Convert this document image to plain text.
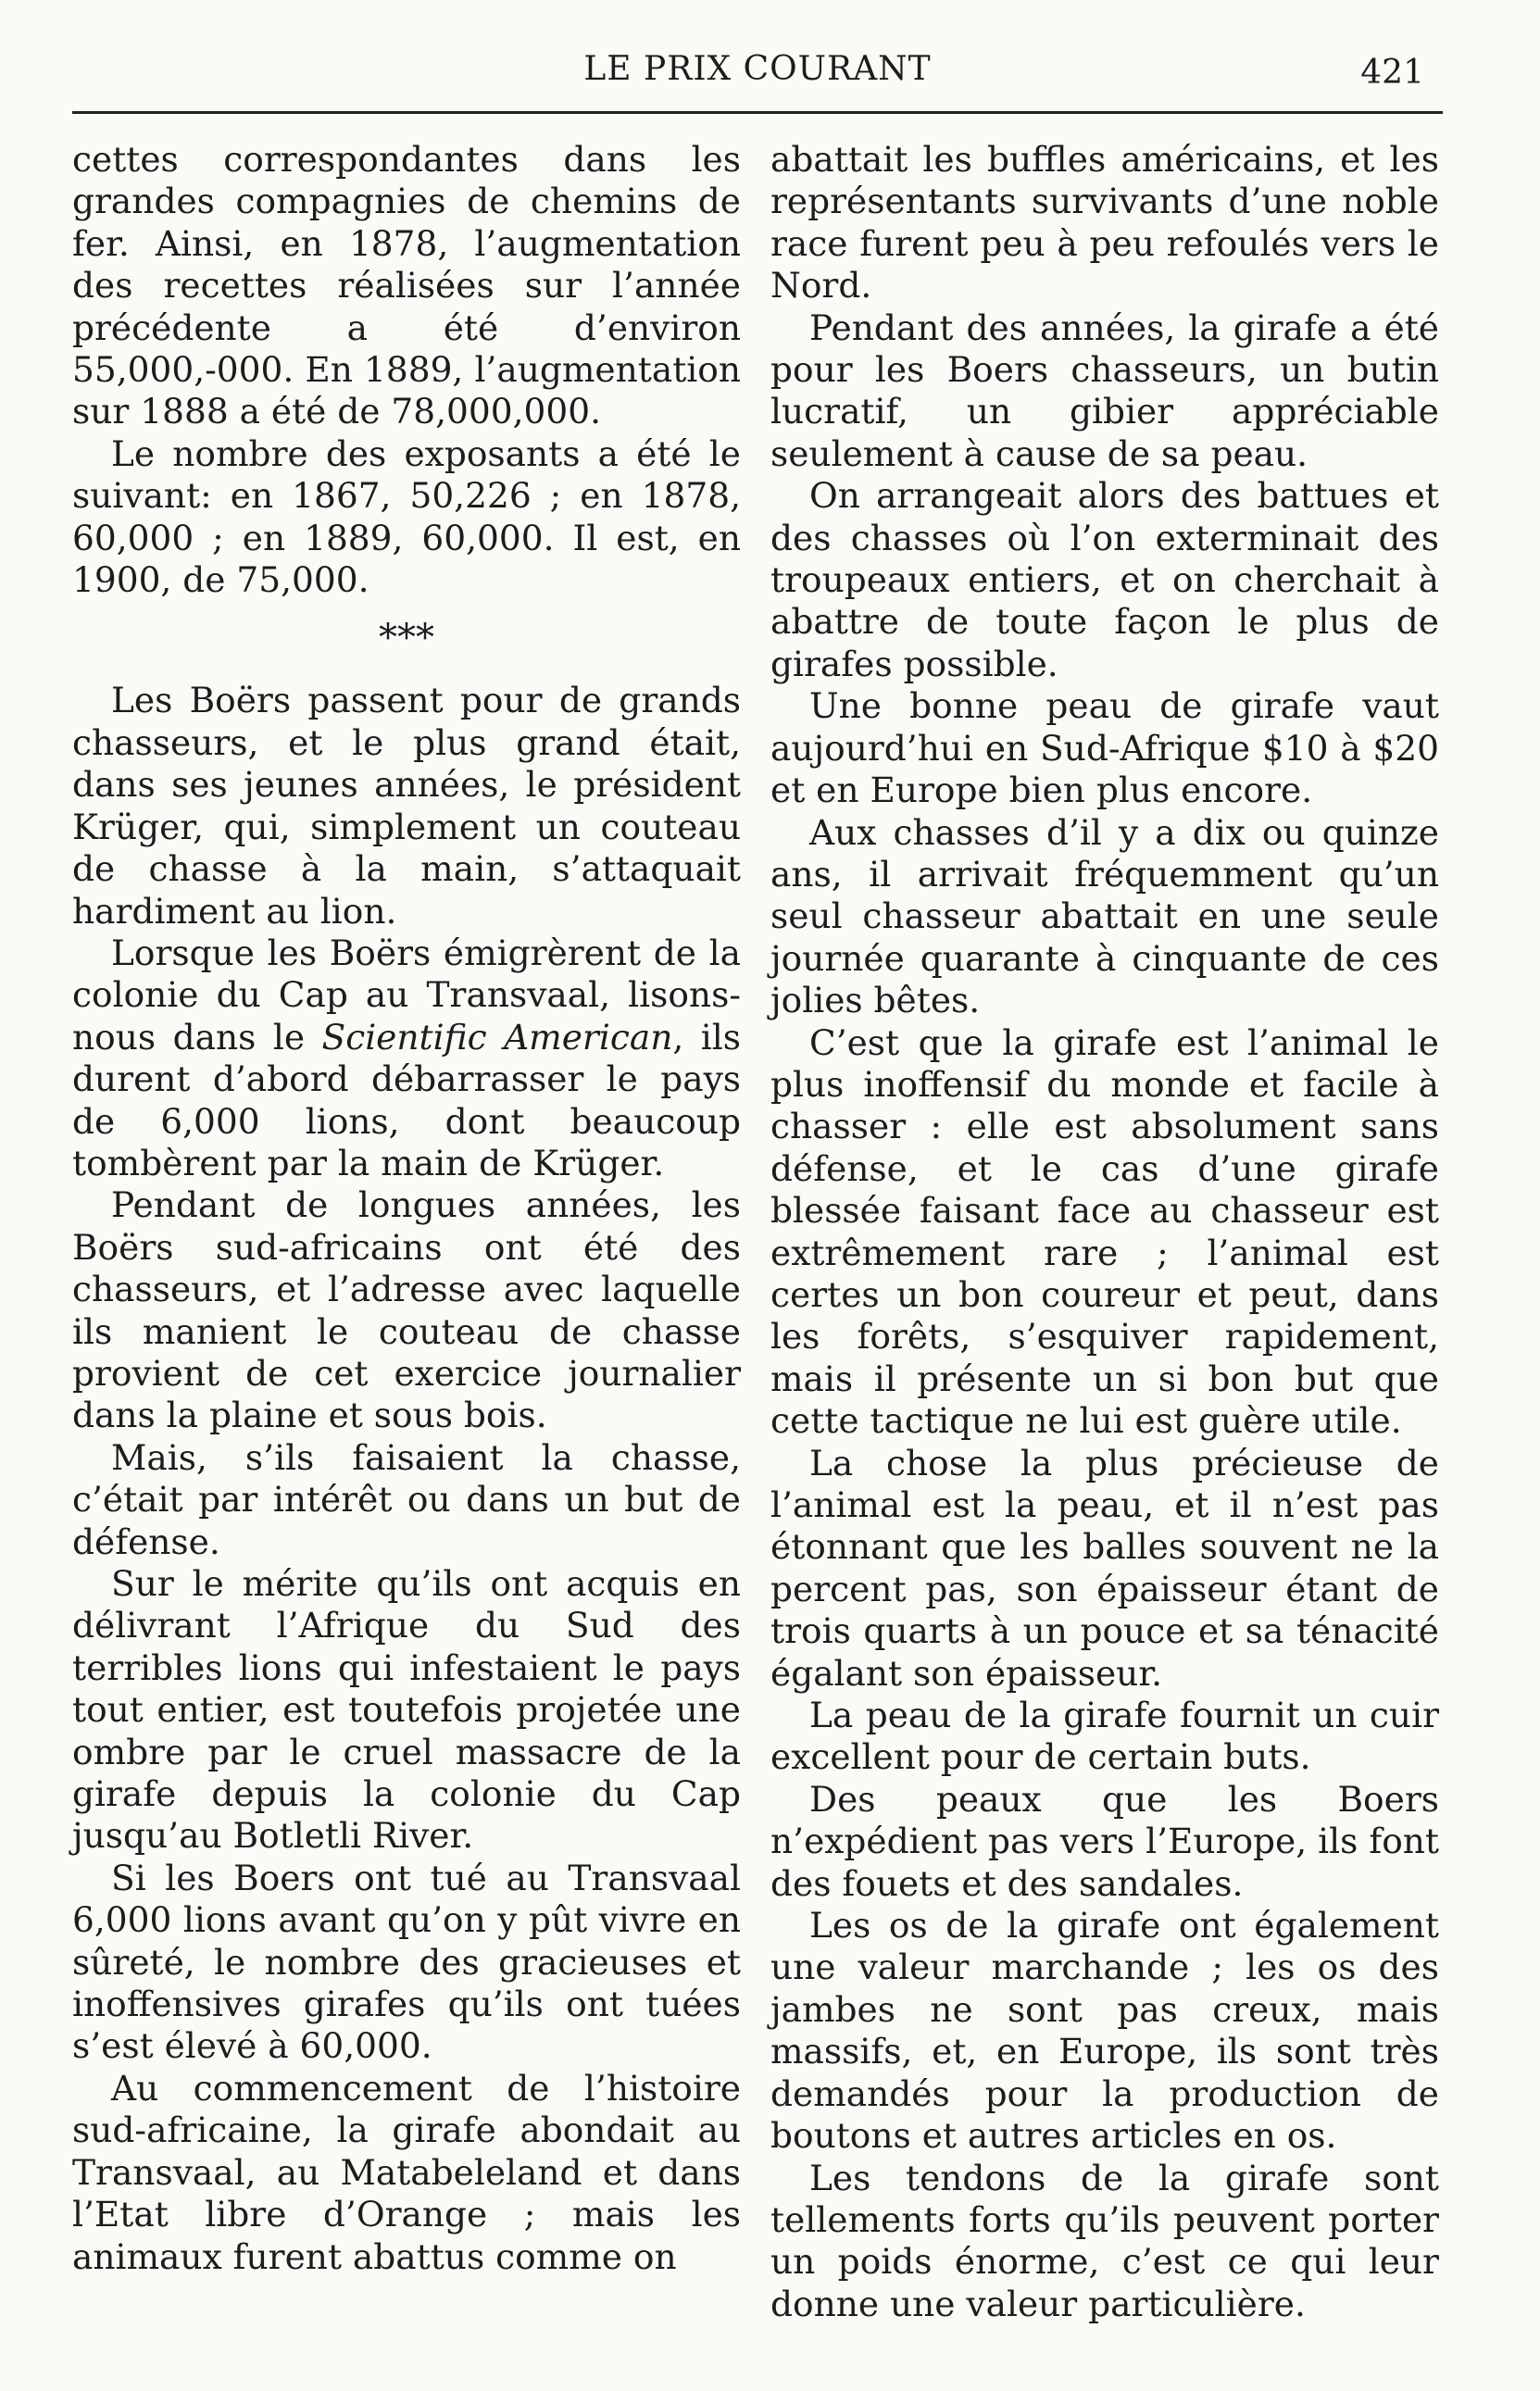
LE PRIX COURANT	421

cettes correspondantes dans les grandes compagnies de chemins de fer. Ainsi, en 1878, l’augmentation des recettes réalisées sur l’année précédente a été d’environ 55,000,-000. En 1889, l’augmentation sur 1888 a été de 78,000,000.

Le nombre des exposants a été le suivant: en 1867, 50,226 ; en 1878, 60,000 ; en 1889, 60,000. Il est, en 1900, de 75,000.

***

Les Boërs passent pour de grands chasseurs, et le plus grand était, dans ses jeunes années, le président Krüger, qui, simplement un couteau de chasse à la main, s’attaquait hardiment au lion.

Lorsque les Boërs émigrèrent de la colonie du Cap au Transvaal, lisons-nous dans le Scientific American, ils durent d’abord débarrasser le pays de 6,000 lions, dont beaucoup tombèrent par la main de Krüger.

Pendant de longues années, les Boërs sud-africains ont été des chasseurs, et l’adresse avec laquelle ils manient le couteau de chasse provient de cet exercice journalier dans la plaine et sous bois.

Mais, s’ils faisaient la chasse, c’était par intérêt ou dans un but de défense.

Sur le mérite qu’ils ont acquis en délivrant l’Afrique du Sud des terribles lions qui infestaient le pays tout entier, est toutefois projetée une ombre par le cruel massacre de la girafe depuis la colonie du Cap jusqu’au Botletli River.

Si les Boers ont tué au Transvaal 6,000 lions avant qu’on y pût vivre en sûreté, le nombre des gracieuses et inoffensives girafes qu’ils ont tuées s’est élevé à 60,000.

Au commencement de l’histoire sud-africaine, la girafe abondait au Transvaal, au Matabeleland et dans l’Etat libre d’Orange ; mais les animaux furent abattus comme on

abattait les buffles américains, et les représentants survivants d’une noble race furent peu à peu refoulés vers le Nord.

Pendant des années, la girafe a été pour les Boers chasseurs, un butin lucratif, un gibier appréciable seulement à cause de sa peau.

On arrangeait alors des battues et des chasses où l’on exterminait des troupeaux entiers, et on cherchait à abattre de toute façon le plus de girafes possible.

Une bonne peau de girafe vaut aujourd’hui en Sud-Afrique $10 à $20 et en Europe bien plus encore.

Aux chasses d’il y a dix ou quinze ans, il arrivait fréquemment qu’un seul chasseur abattait en une seule journée quarante à cinquante de ces jolies bêtes.

C’est que la girafe est l’animal le plus inoffensif du monde et facile à chasser : elle est absolument sans défense, et le cas d’une girafe blessée faisant face au chasseur est extrêmement rare ; l’animal est certes un bon coureur et peut, dans les forêts, s’esquiver rapidement, mais il présente un si bon but que cette tactique ne lui est guère utile.

La chose la plus précieuse de l’animal est la peau, et il n’est pas étonnant que les balles souvent ne la percent pas, son épaisseur étant de trois quarts à un pouce et sa ténacité égalant son épaisseur.

La peau de la girafe fournit un cuir excellent pour de certain buts.

Des peaux que les Boers n’expédient pas vers l’Europe, ils font des fouets et des sandales.

Les os de la girafe ont également une valeur marchande ; les os des jambes ne sont pas creux, mais massifs, et, en Europe, ils sont très demandés pour la production de boutons et autres articles en os.

Les tendons de la girafe sont tellements forts qu’ils peuvent porter un poids énorme, c’est ce qui leur donne une valeur particulière.
